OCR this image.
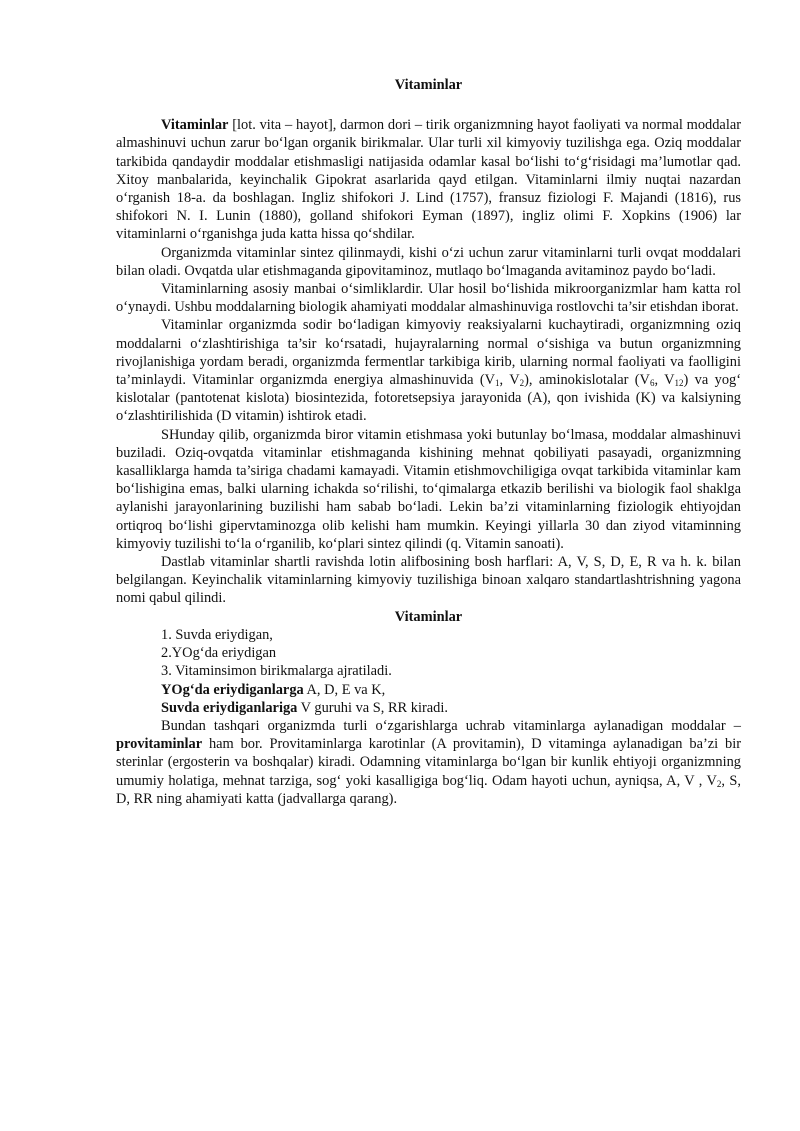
Vitaminlar

Vitaminlar [lot. vita – hayot], darmon dori – tirik organizmning hayot faoliyati va normal moddalar almashinuvi uchun zarur bo‘lgan organik birikmalar. Ular turli xil kimyoviy tuzilishga ega. Oziq moddalar tarkibida qandaydir moddalar etishmasligi natijasida odamlar kasal bo‘lishi to‘g‘risidagi ma’lumotlar qad. Xitoy manbalarida, keyinchalik Gipokrat asarlarida qayd etilgan. Vitaminlarni ilmiy nuqtai nazardan o‘rganish 18-a. da boshlagan. Ingliz shifokori J. Lind (1757), fransuz fiziologi F. Majandi (1816), rus shifokori N. I. Lunin (1880), golland shifokori Eyman (1897), ingliz olimi F. Xopkins (1906) lar vitaminlarni o‘rganishga juda katta hissa qo‘shdilar.

Organizmda vitaminlar sintez qilinmaydi, kishi o‘zi uchun zarur vitaminlarni turli ovqat moddalari bilan oladi. Ovqatda ular etishmaganda gipovitaminoz, mutlaqo bo‘lmaganda avitaminoz paydo bo‘ladi.

Vitaminlarning asosiy manbai o‘simliklardir. Ular hosil bo‘lishida mikroorganizmlar ham katta rol o‘ynaydi. Ushbu moddalarning biologik ahamiyati moddalar almashinuviga rostlovchi ta’sir etishdan iborat.

Vitaminlar organizmda sodir bo‘ladigan kimyoviy reaksiyalarni kuchaytiradi, organizmning oziq moddalarni o‘zlashtirishiga ta’sir ko‘rsatadi, hujayralarning normal o‘sishiga va butun organizmning rivojlanishiga yordam beradi, organizmda fermentlar tarkibiga kirib, ularning normal faoliyati va faolligini ta’minlaydi. Vitaminlar organizmda energiya almashinuvida ($V_1$, $V_2$), aminokislotalar ($V_6$, $V_{12}$) va yog‘ kislotalar (pantotenat kislota) biosintezida, fotoretsepsiya jarayonida (A), qon ivishida (K) va kalsiyning o‘zlashtirilishida (D vitamin) ishtirok etadi.

SHunday qilib, organizmda biror vitamin etishmasa yoki butunlay bo‘lmasa, moddalar almashinuvi buziladi. Oziq-ovqatda vitaminlar etishmaganda kishining mehnat qobiliyati pasayadi, organizmning kasalliklarga hamda ta’siriga chadami kamayadi. Vitamin etishmovchiligiga ovqat tarkibida vitaminlar kam bo‘lishigina emas, balki ularning ichakda so‘rilishi, to‘qimalarga etkazib berilishi va biologik faol shaklga aylanishi jarayonlarining buzilishi ham sabab bo‘ladi. Lekin ba’zi vitaminlarning fiziologik ehtiyojdan ortiqroq bo‘lishi gipervtaminozga olib kelishi ham mumkin. Keyingi yillarla 30 dan ziyod vitaminning kimyoviy tuzilishi to‘la o‘rganilib, ko‘plari sintez qilindi (q. Vitamin sanoati).

Dastlab vitaminlar shartli ravishda lotin alifbosining bosh harflari: A, V, S, D, E, R va h. k. bilan belgilangan. Keyinchalik vitaminlarning kimyoviy tuzilishiga binoan xalqaro standartlashtrishning yagona nomi qabul qilindi.

Vitaminlar

1. Suvda eriydigan,

2.YOg‘da eriydigan

3. Vitaminsimon birikmalarga ajratiladi.

YOg‘da eriydiganlarga A, D, E va K,

Suvda eriydiganlariga V guruhi va S, RR kiradi.

Bundan tashqari organizmda turli o‘zgarishlarga uchrab vitaminlarga aylanadigan moddalar – provitaminlar ham bor. Provitaminlarga karotinlar (A provitamin), D vitaminga aylanadigan ba’zi bir sterinlar (ergosterin va boshqalar) kiradi. Odamning vitaminlarga bo‘lgan bir kunlik ehtiyoji organizmning umumiy holatiga, mehnat tarziga, sog‘ yoki kasalligiga bog‘liq. Odam hayoti uchun, ayniqsa, A, V , $V_2$, S, D, RR ning ahamiyati katta (jadvallarga qarang).
